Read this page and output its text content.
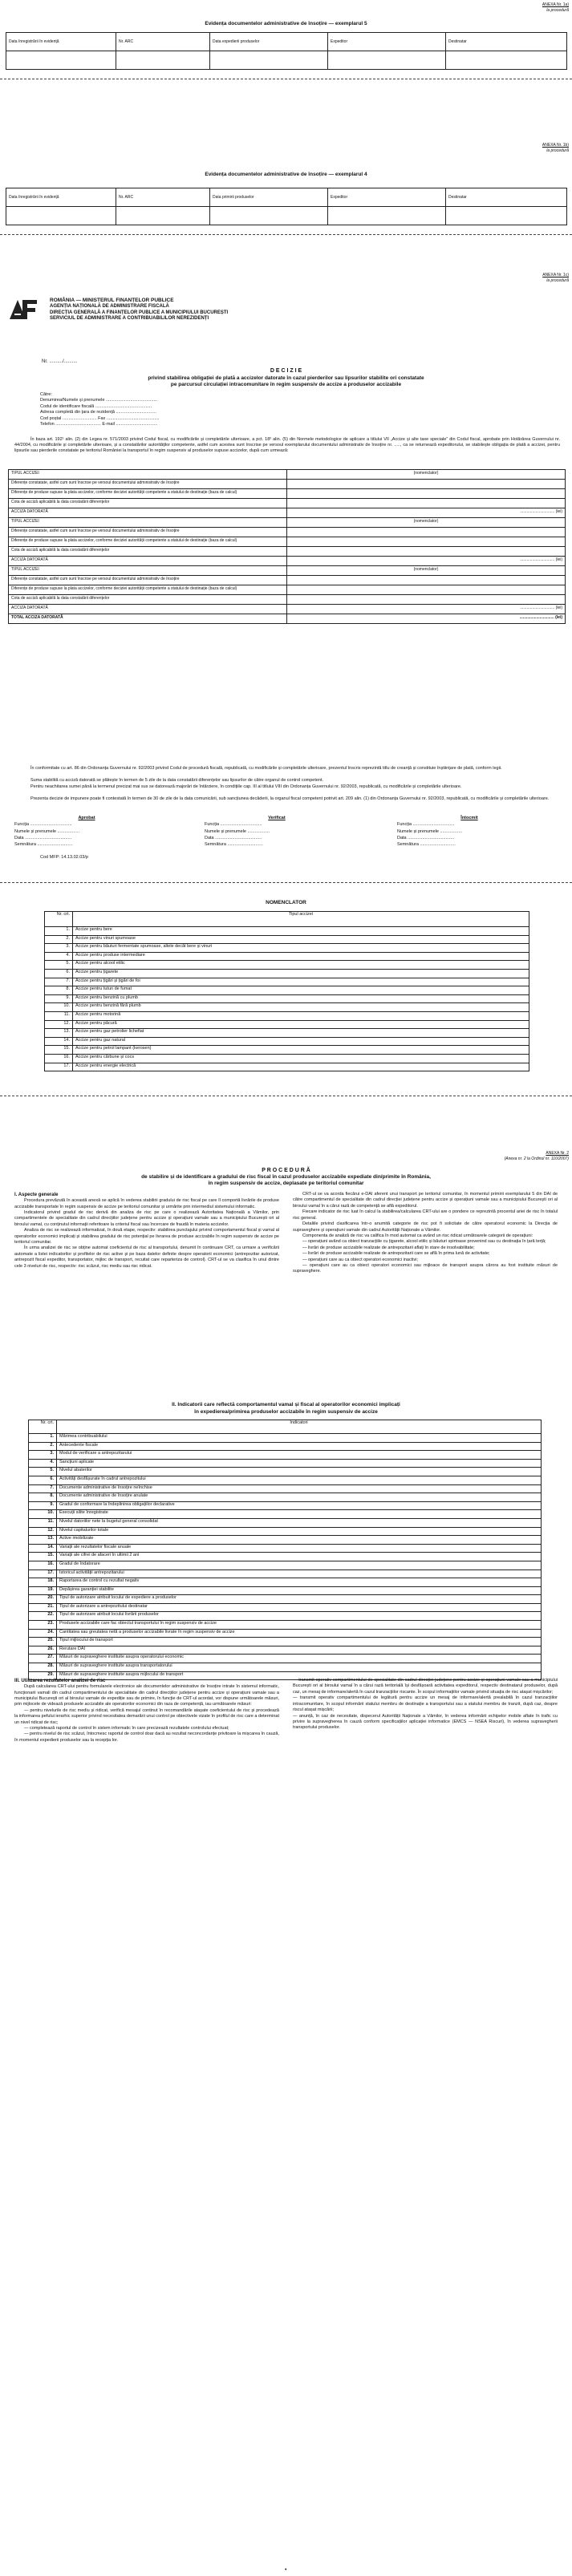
ANEXA Nr. 1a)
la procedură
Evidența documentelor administrative de însoțire — exemplarul 5
Data înregistrării în evidență	Nr. ARC	Data expedierii produselor	Expeditor	Destinatar

ANEXA Nr. 1b)
la procedură
Evidența documentelor administrative de însoțire — exemplarul 4
Data înregistrării în evidență	Nr. ARC	Data primirii produselor	Expeditor	Destinatar

ANEXA Nr. 1c)
la procedură
ROMÂNIA — MINISTERUL FINANȚELOR PUBLICE
AGENȚIA NAȚIONALĂ DE ADMINISTRARE FISCALĂ
DIRECȚIA GENERALĂ A FINANȚELOR PUBLICE A MUNICIPIULUI BUCUREȘTI
SERVICIUL DE ADMINISTRARE A CONTRIBUABILILOR NEREZIDENȚI
Nr. ........../..........
D E C I Z I E
privind stabilirea obligației de plată a accizelor datorate în cazul pierderilor sau lipsurilor stabilite ori constatate
pe parcursul circulației intracomunitare în regim suspensiv de accize a produselor accizabile
Către:
Denumirea/Numele și prenumele ..........................................
Codul de identificare fiscală ..............................................
Adresa completă din țara de rezidență .................................
Cod poștal ............................ Fax ...........................................
Telefon ..................................... E-mail ..................................
În baza art. 192¹ alin. (2) din Legea nr. 571/2003 privind Codul fiscal, cu modificările și completările ulterioare, a pct. 18² alin. (5) din Normele metodologice de aplicare a titlului VII „Accize și alte taxe speciale” din Codul fiscal, aprobate prin Hotărârea Guvernului nr. 44/2004, cu modificările și completările ulterioare, și a constatărilor autorităților competente, astfel cum acestea sunt înscrise pe versoul exemplarului documentului administrativ de însoțire nr. ....., ca se returnează expeditorului, se stabilește obligația de plată a accizei, pentru lipsurile sau pierderile constatate pe teritoriul României la transportul în regim suspensiv al produselor supuse accizelor, după cum urmează:
TIPUL ACCIZEI	(nomenclator)
Diferențe constatate, astfel cum sunt înscrise pe versoul documentului administrativ de însoțire	
Diferențe de produse supuse la plata accizelor, conforme deciziei autorității competente a statului de destinație (baza de calcul)	
Cota de acciză aplicabilă la data constatării diferențelor	
ACCIZA DATORATĂ	............................... (lei)
TIPUL ACCIZEI	(nomenclator)
Diferențe constatate, astfel cum sunt înscrise pe versoul documentului administrativ de însoțire	
Diferențe de produse supuse la plata accizelor, conforme deciziei autorității competente a statului de destinație (baza de calcul)	
Cota de acciză aplicabilă la data constatării diferențelor	
ACCIZA DATORATĂ	............................... (lei)
TIPUL ACCIZEI	(nomenclator)
Diferențe constatate, astfel cum sunt înscrise pe versoul documentului administrativ de însoțire	
Diferențe de produse supuse la plata accizelor, conforme deciziei autorității competente a statului de destinație (baza de calcul)	
Cota de acciză aplicabilă la data constatării diferențelor	
ACCIZA DATORATĂ	............................... (lei)
TOTAL ACCIZA DATORATĂ	............................... (lei)
În conformitate cu art. 86 din Ordonanța Guvernului nr. 92/2003 privind Codul de procedură fiscală, republicată, cu modificările și completările ulterioare, prezentul înscris reprezintă titlu de creanță și constituie înștiințare de plată, conform legii.
Suma stabilită cu acciză datorată se plătește în termen de 5 zile de la data constatării diferențelor sau lipsurilor de către organul de control competent.
Pentru neachitarea sumei până la termenul precizat mai sus se datorează majorări de întârziere, în condițiile cap. III al titlului VIII din Ordonanța Guvernului nr. 92/2003, republicată, cu modificările și completările ulterioare.
Prezenta decizie de impunere poate fi contestată în termen de 30 de zile de la data comunicării, sub sancțiunea decăderii, la organul fiscal competent potrivit art. 209 alin. (1) din Ordonanța Guvernului nr. 92/2003, republicată, cu modificările și completările ulterioare.
Aprobat
Funcția ..................................
Numele și prenumele ..................
Data ......................................
Semnătura .............................
Verificat
Funcția ..................................
Numele și prenumele ..................
Data ......................................
Semnătura .............................
Întocmit
Funcția ..................................
Numele și prenumele ..................
Data ......................................
Semnătura .............................
Cod MFP: 14.13.02.03/p
NOMENCLATOR
Nr. crt.	Tipul accizei
1.	Accize pentru bere
2.	Accize pentru vinuri spumoase
3.	Accize pentru băuturi fermentate spumoase, altele decât bere și vinuri
4.	Accize pentru produse intermediare
5.	Accize pentru alcool etilic
6.	Accize pentru țigarete
7.	Accize pentru țigări și țigări de foi
8.	Accize pentru tutun de fumat
9.	Accize pentru benzină cu plumb
10.	Accize pentru benzină fără plumb
11.	Accize pentru motorină
12.	Accize pentru păcură
13.	Accize pentru gaz petrolier lichefiat
14.	Accize pentru gaz natural
15.	Accize pentru petrol lampant (kerosen)
16.	Accize pentru cărbune și cocs
17.	Accize pentru energie electrică
ANEXA Nr. 2
(Anexa nr. 2 la Ordinul nr. 110/2007)
P R O C E D U R Ă
de stabilire și de identificare a gradului de risc fiscal în cazul produselor accizabile expediate din/primite în România,
în regim suspensiv de accize, deplasate pe teritoriul comunitar
I. Aspecte generale
Procedura prevăzută în această anexă se aplică în vederea stabilirii gradului de risc fiscal pe care îl comportă livrările de produse accizabile transportate în regim suspensiv de accize pe teritoriul comunitar și urmărite prin intermediul sistemului informatic.
Indicatorul privind gradul de risc derivă din analiza de risc pe care o realizează Autoritatea Națională a Vămilor, prin compartimentele de specialitate din cadrul direcțiilor județene pentru accize și operațiuni vamale sau a municipiului București ori al biroului vamal, cu conținutul informații referitoare la criteriul fiscal sau încercare de fraudă în materia accizelor.
Analiza de risc se realizează informatizat, în două etape, respectiv: stabilirea punctajului privind comportamentul fiscal și vamal al operatorilor economici implicați și stabilirea gradului de risc potențial pe livrarea de produse accizabile în regim suspensiv de accize pe teritoriul comunitar.
În urma analizei de risc se obține automat coeficientul de risc al transportului, denumit în continuare CRT, ca urmare a verificării automate a listei indicatorilor și profilelor de risc active și pe baza datelor definite despre operatorii economici (antrepozitar autorizat, antrepozit fiscal expeditor, transportator, mijloc de transport, recuitat care reparteriza de control). CRT-ul se va clasifica în unul dintre cele 3 niveluri de risc, respectiv: risc scăzut, risc mediu sau risc ridicat.
CRT-ul se va acorda fiecărui e-DAI aferent unui transport pe teritoriul comunitar, în momentul primirii exemplarului 5 din DAI de către compartimentul de specialitate din cadrul direcției județene pentru accize și operațiuni vamale sau a municipiului București ori al biroului vamal în a cărui rază de competență se află expeditorul.
Fiecare indicator de risc luat în calcul la stabilirea/calcularea CRT-ului are o pondere ce reprezintă procentul ariei de risc în totalul risc general.
Detaliile privind clasificarea într-o anumită categorie de risc pot fi solicitate de către operatorul economic la Direcția de supraveghere și operațiuni vamale din cadrul Autorității Naționale a Vămilor.
Componenta de analiză de risc va califica în mod automat ca având un risc ridicat următoarele categorii de operațiuni:
— operațiuni având ca obiect tranzacțiile cu țigarete, alcool etilic și băuturi spirtoase provenind sau cu destinația în țară terță;
— livrări de produse accizabile realizate de antrepozitarii aflați în stare de insolvabilitate;
— livrări de produse accizabile realizate de antrepozitarii care se află în prima lună de activitate;
— operațiuni care au ca obiect operatori economici inactivi;
— operațiuni care au ca obiect operatori economici sau mijloace de transport asupra cărora au fost instituite măsuri de supraveghere.
II. Indicatorii care reflectă comportamentul vamal și fiscal al operatorilor economici implicați
în expedierea/primirea produselor accizabile în regim suspensiv de accize
Nr. crt.	Indicatori
1.	Mărimea contribuabilului
2.	Antecedente fiscale
3.	Modul de verificare a antrepozitarului
4.	Sancțiuni aplicate
5.	Nivelul abaterilor
6.	Activități desfășurate în cadrul antrepozitului
7.	Documente administrative de însoțire neînchise
8.	Documente administrative de însoțire anulate
9.	Gradul de conformare la îndeplinirea obligațiilor declarative
10.	Execuții silite înregistrate
11.	Nivelul datoriilor nete la bugetul general consolidat
12.	Nivelul capitalurilor totale
13.	Active imobilizate
14.	Variații ale rezultatelor fiscale anuale
15.	Variații ale cifrei de afaceri în ultimii 2 ani
16.	Gradul de îndatorare
17.	Istoricul activității antrepozitarului
18.	Raportarea de control cu rezultat negativ
19.	Depășirea garanției stabilite
20.	Tipul de autorizare atribuit locului de expediere a produselor
21.	Tipul de autorizare a antrepozitului destinatar
22.	Tipul de autorizare atribuit locului livrării produselor
23.	Produsele accizabile care fac obiectul transportului în regim suspensiv de accize
24.	Cantitatea sau greutatea netă a produselor accizabile livrate în regim suspensiv de accize
25.	Tipul mijlocului de transport
26.	Rerutare DAI
27.	Măsuri de supraveghere instituite asupra operatorului economic
28.	Măsuri de supraveghere instituite asupra transportatorului
29.	Măsuri de supraveghere instituite asupra mijlocului de transport
III. Utilizarea rezultatelor analizei de risc
După calcularea CRT-ului pentru formularele electronice ale documentelor administrative de însoțire intrate în sistemul informatic, funcționarii vamali din cadrul compartimentului de specialitate din cadrul direcțiilor județene pentru accize și operațiuni vamale sau a municipiului București ori al biroului vamale de expediție sau de primire, în funcție de CRT-ul acordat, vor dispune următoarele măsuri, prin mijlocele de videază produsele accizabile ale operatorilor economici din raza de competență, iau următoarele măsuri:
— pentru nivelurile de risc mediu și ridicat, verifică mesajul continut în recomandările atașate coeficientului de risc și procedează la informarea pefului ierarhic superior privind necesitatea demarării unui control pe obiectivele vizate în profilul de risc care a determinat un nivel ridicat de risc;
— completează raportul de control în sistem informatic în care precizează rezultatele controlului efectuat;
— pentru nivelul de risc scăzut, întocmesc raportul de control doar dacă au rezultat neconcordanțe privitoare la mișcarea în cauză, în momentul expedierii produselor sau la recepția lor.
— transmit operativ compartimentului de specialitate din cadrul direcției județene pentru accize și operațiuni vamale sau a municipiului București ori al biroului vamal în a cărui rază teritorială își desfășoară activitatea expeditorul, respectiv destinatarul produselor, după caz, un mesaj de informare/alertă în cazul tranzacțiilor riscante. În scopul informațiilor vamale privind situația de risc atașat mișcărilor;
— transmit operativ compartimentului de legătură pentru accize un mesaj de informare/alertă prealabilă în cazul tranzacțiilor intracomunitare, în scopul informării statului membru de destinație a transportului sau a statului membru de tranzit, după caz, despre riscul atașat mișcării;
— anunță, în caz de necesitate, dispecerul Autorității Naționale a Vămilor, în vederea informării echipelor mobile aflate în trafic cu privire la supravegherea în cauză conform specificațiilor aplicației informatice (EMCS — NSEA Riscuri), în vederea supravegherii transportului produselor.
•
